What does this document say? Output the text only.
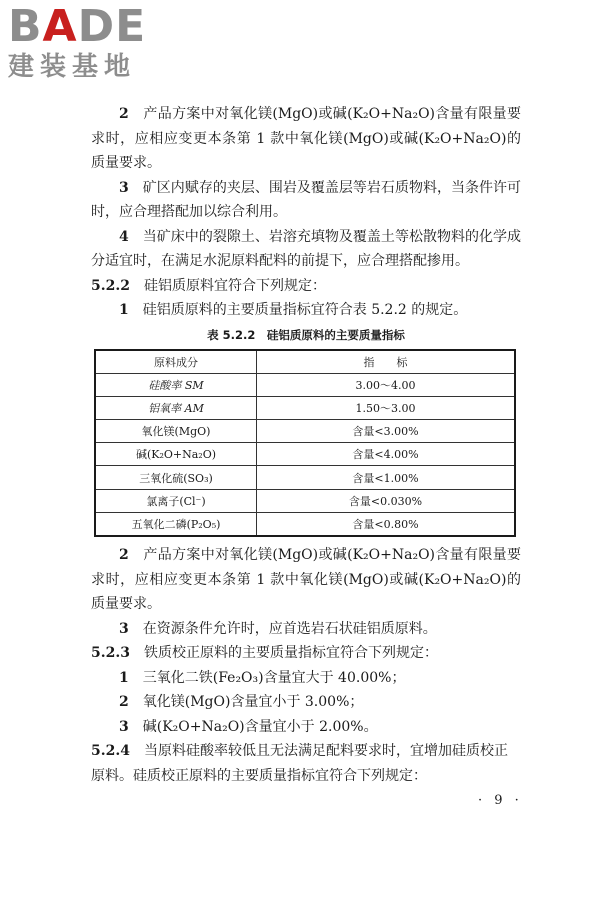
BADE
建装基地

2　 产品方案中对氧化镁(MgO)或碱(K₂O+Na₂O)含量有限量要求时，应相应变更本条第 1 款中氧化镁(MgO)或碱(K₂O+Na₂O)的质量要求。

3　 矿区内赋存的夹层、围岩及覆盖层等岩石质物料，当条件许可时，应合理搭配加以综合利用。

4　 当矿床中的裂隙土、岩溶充填物及覆盖土等松散物料的化学成分适宜时，在满足水泥原料配料的前提下，应合理搭配掺用。

5.2.2　 硅铝质原料宜符合下列规定：

1　 硅铝质原料的主要质量指标宜符合表 5.2.2 的规定。

表 5.2.2　硅铝质原料的主要质量指标
原料成分	指　　标
硅酸率 SM	3.00～4.00
铝氧率 AM	1.50～3.00
氧化镁(MgO)	含量<3.00%
碱(K₂O+Na₂O)	含量<4.00%
三氧化硫(SO₃)	含量<1.00%
氯离子(Cl⁻)	含量<0.030%
五氧化二磷(P₂O₅)	含量<0.80%

2　 产品方案中对氧化镁(MgO)或碱(K₂O+Na₂O)含量有限量要求时，应相应变更本条第 1 款中氧化镁(MgO)或碱(K₂O+Na₂O)的质量要求。

3　 在资源条件允许时，应首选岩石状硅铝质原料。

5.2.3　 铁质校正原料的主要质量指标宜符合下列规定：

1　 三氧化二铁(Fe₂O₃)含量宜大于 40.00%；

2　 氧化镁(MgO)含量宜小于 3.00%；

3　 碱(K₂O+Na₂O)含量宜小于 2.00%。

5.2.4　 当原料硅酸率较低且无法满足配料要求时，宜增加硅质校正原料。硅质校正原料的主要质量指标宜符合下列规定：

· 9 ·
